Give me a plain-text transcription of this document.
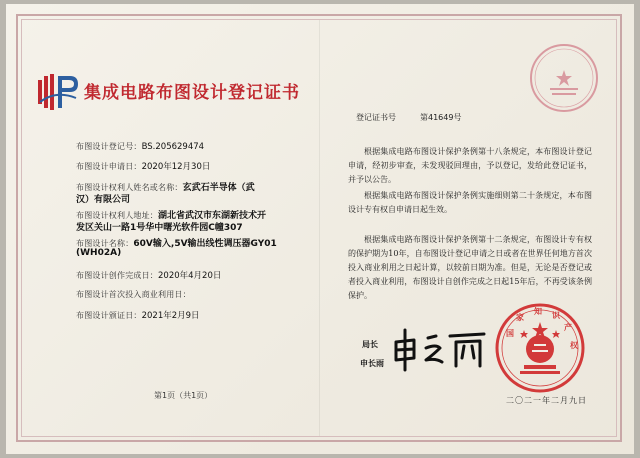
集成电路布图设计登记证书
布图设计登记号：BS.205629474
布图设计申请日：2020年12月30日
布图设计权利人姓名或名称：玄武石半导体（武
汉）有限公司
布图设计权利人地址：湖北省武汉市东湖新技术开
发区关山一路1号华中曙光软件园C幢307
布图设计名称：60V输入,5V输出线性调压器GY01
(WH02A)
布图设计创作完成日：2020年4月20日
布图设计首次投入商业利用日：
布图设计颁证日：2021年2月9日
第1页（共1页）
登记证书号	第41649号
根据集成电路布图设计保护条例第十八条规定，本布图设计登记申请，经初步审查，未发现驳回理由，予以登记，发给此登记证书，并予以公告。
根据集成电路布图设计保护条例实施细则第二十条规定，本布图设计专有权自申请日起生效。
根据集成电路布图设计保护条例第十二条规定，布图设计专有权的保护期为10年，自布图设计登记申请之日或者在世界任何地方首次投入商业利用之日起计算，以较前日期为准。但是，无论是否登记或者投入商业利用，布图设计自创作完成之日起15年后，不再受该条例保护。
局长
申长雨
国
家
知 识
产
权
二〇二一年二月九日
